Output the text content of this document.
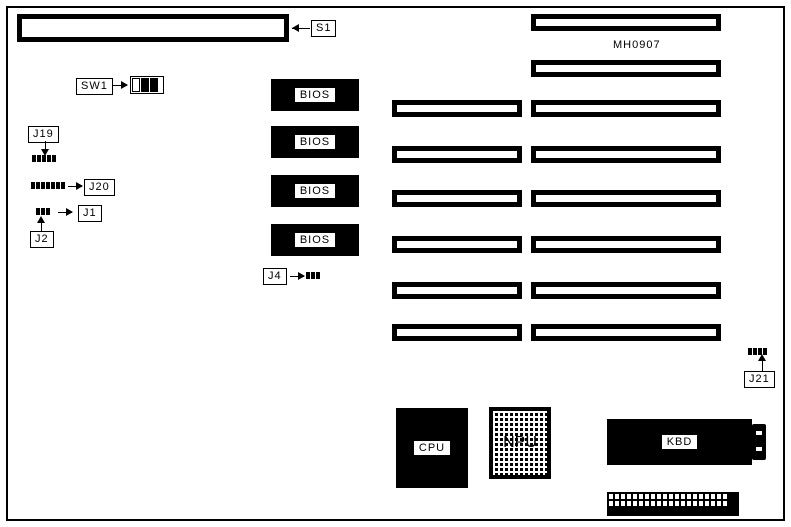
S1
SW1
J19
J20
J1
J2
BIOS
BIOS
BIOS
BIOS
J4
MH0907
J21
CPU	NPU	KBD
